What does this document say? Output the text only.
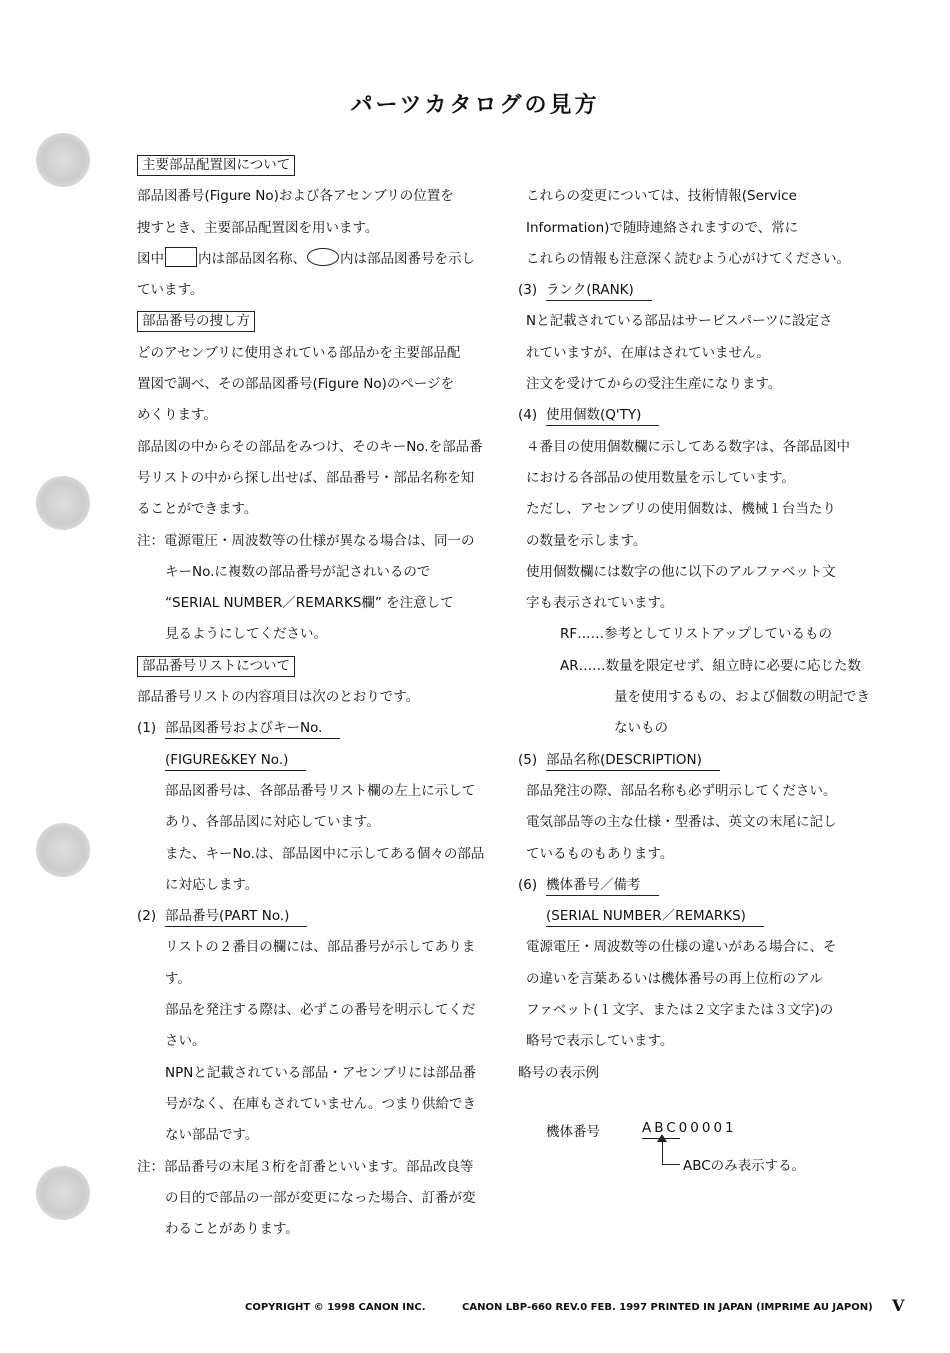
パーツカタログの見方
主要部品配置図について
部品図番号(Figure No)および各アセンブリの位置を
捜すとき、主要部品配置図を用います。
図中	内は部品図名称、	内は部品図番号を示し
ています。
部品番号の捜し方
どのアセンブリに使用されている部品かを主要部品配
置図で調べ、その部品図番号(Figure No)のページを
めくります。
部品図の中からその部品をみつけ、そのキーNo.を部品番
号リストの中から探し出せば、部品番号・部品名称を知
ることができます。
注：電源電圧・周波数等の仕様が異なる場合は、同一の
キーNo.に複数の部品番号が記されいるので
“SERIAL NUMBER／REMARKS欄” を注意して
見るようにしてください。
部品番号リストについて
部品番号リストの内容項目は次のとおりです。
(1) 部品図番号およびキーNo.
(FIGURE&KEY No.)
部品図番号は、各部品番号リスト欄の左上に示して
あり、各部品図に対応しています。
また、キーNo.は、部品図中に示してある個々の部品
に対応します。
(2) 部品番号(PART No.)
リストの２番目の欄には、部品番号が示してありま
す。
部品を発注する際は、必ずこの番号を明示してくだ
さい。
NPNと記載されている部品・アセンブリには部品番
号がなく、在庫もされていません。つまり供給でき
ない部品です。
注：部品番号の末尾３桁を訂番といいます。部品改良等
の目的で部品の一部が変更になった場合、訂番が変
わることがあります。
これらの変更については、技術情報(Service
Information)で随時連絡されますので、常に
これらの情報も注意深く読むよう心がけてください。
(3) ランク(RANK)
Nと記載されている部品はサービスパーツに設定さ
れていますが、在庫はされていません。
注文を受けてからの受注生産になります。
(4) 使用個数(Q'TY)
４番目の使用個数欄に示してある数字は、各部品図中
における各部品の使用数量を示しています。
ただし、アセンブリの使用個数は、機械１台当たり
の数量を示します。
使用個数欄には数字の他に以下のアルファベット文
字も表示されています。
RF……参考としてリストアップしているもの
AR……数量を限定せず、組立時に必要に応じた数
量を使用するもの、および個数の明記でき
ないもの
(5) 部品名称(DESCRIPTION)
部品発注の際、部品名称も必ず明示してください。
電気部品等の主な仕様・型番は、英文の末尾に記し
ているものもあります。
(6) 機体番号／備考
(SERIAL NUMBER／REMARKS)
電源電圧・周波数等の仕様の違いがある場合に、そ
の違いを言葉あるいは機体番号の再上位桁のアル
ファベット(１文字、または２文字または３文字)の
略号で表示しています。
略号の表示例
機体番号	ABC00001
ABCのみ表示する。
COPYRIGHT © 1998 CANON INC.	CANON LBP-660 REV.0 FEB. 1997 PRINTED IN JAPAN (IMPRIME AU JAPON) V
